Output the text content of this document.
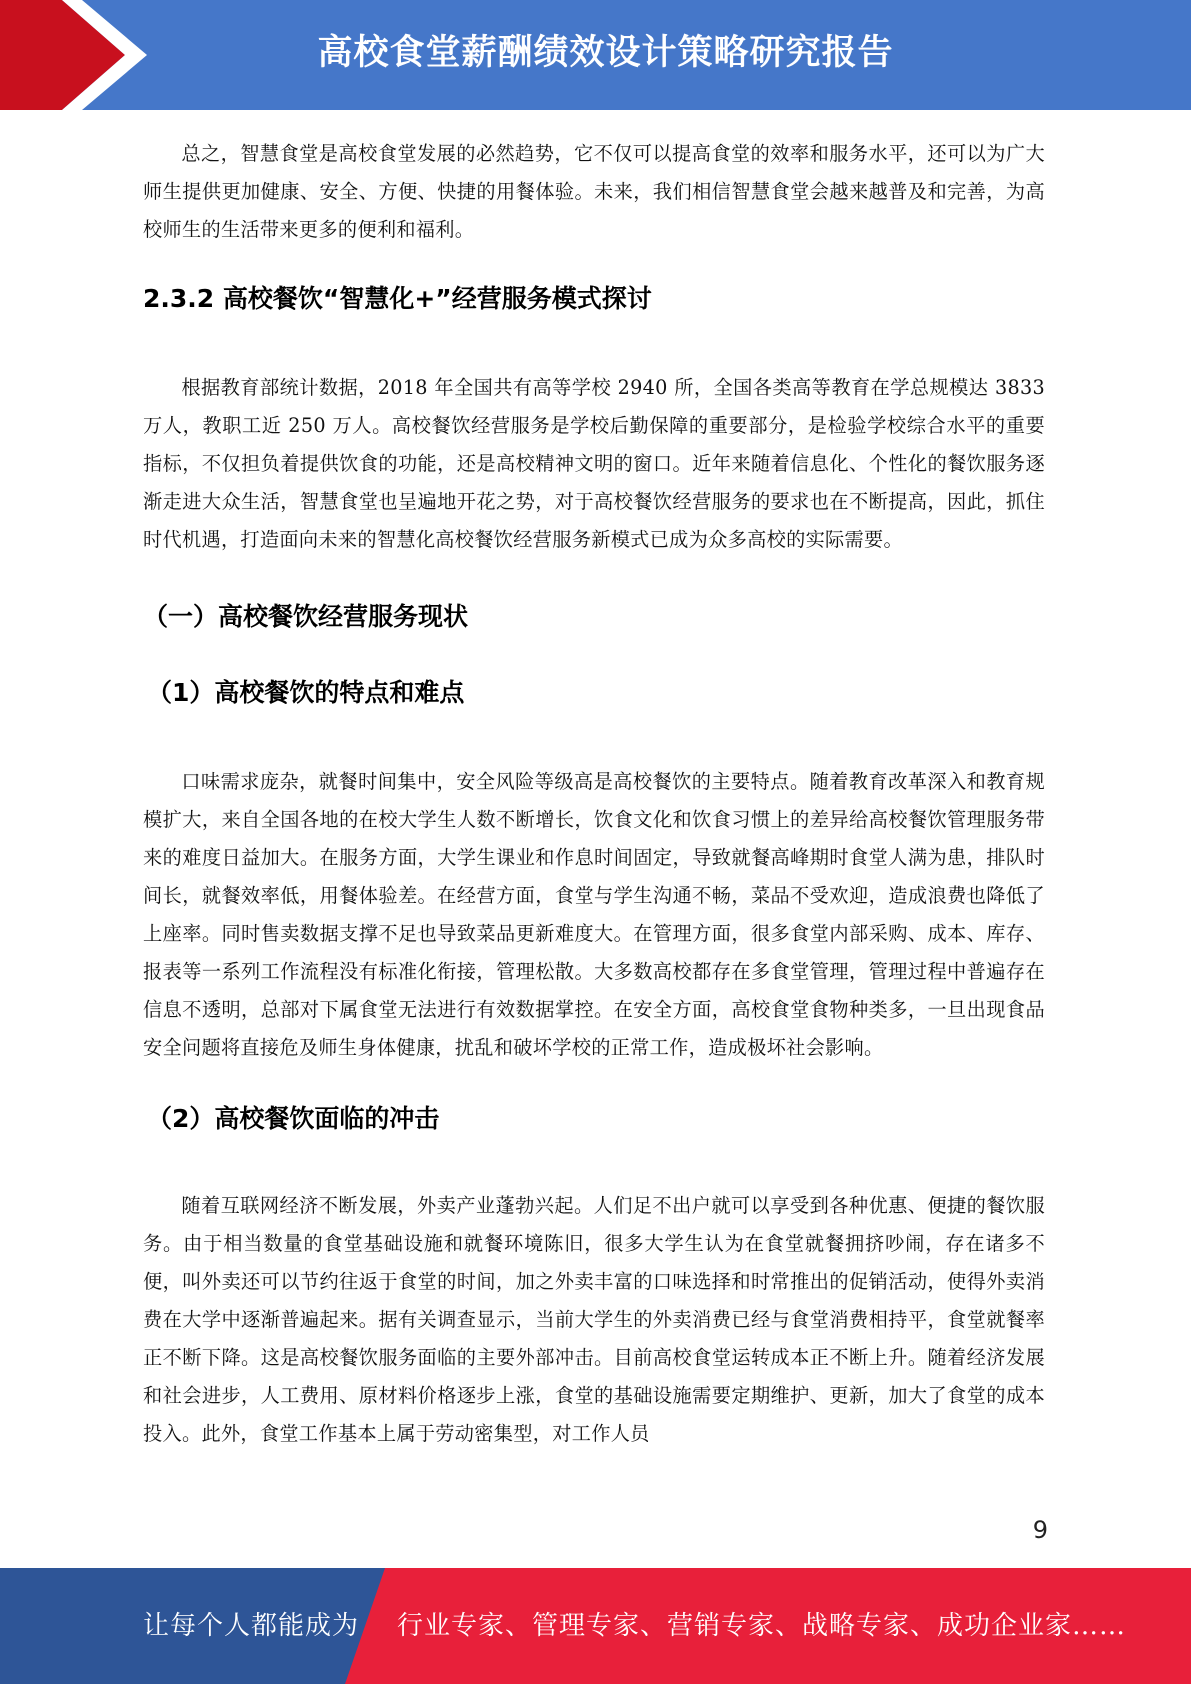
高校食堂薪酬绩效设计策略研究报告

总之，智慧食堂是高校食堂发展的必然趋势，它不仅可以提高食堂的效率和服务水平，还可以为广大师生提供更加健康、安全、方便、快捷的用餐体验。未来，我们相信智慧食堂会越来越普及和完善，为高校师生的生活带来更多的便利和福利。

2.3.2 高校餐饮“智慧化+”经营服务模式探讨

根据教育部统计数据，2018 年全国共有高等学校 2940 所，全国各类高等教育在学总规模达 3833 万人，教职工近 250 万人。高校餐饮经营服务是学校后勤保障的重要部分，是检验学校综合水平的重要指标，不仅担负着提供饮食的功能，还是高校精神文明的窗口。近年来随着信息化、个性化的餐饮服务逐渐走进大众生活，智慧食堂也呈遍地开花之势，对于高校餐饮经营服务的要求也在不断提高，因此，抓住时代机遇，打造面向未来的智慧化高校餐饮经营服务新模式已成为众多高校的实际需要。

（一）高校餐饮经营服务现状
（1）高校餐饮的特点和难点

口味需求庞杂，就餐时间集中，安全风险等级高是高校餐饮的主要特点。随着教育改革深入和教育规模扩大，来自全国各地的在校大学生人数不断增长，饮食文化和饮食习惯上的差异给高校餐饮管理服务带来的难度日益加大。在服务方面，大学生课业和作息时间固定，导致就餐高峰期时食堂人满为患，排队时间长，就餐效率低，用餐体验差。在经营方面，食堂与学生沟通不畅，菜品不受欢迎，造成浪费也降低了上座率。同时售卖数据支撑不足也导致菜品更新难度大。在管理方面，很多食堂内部采购、成本、库存、报表等一系列工作流程没有标准化衔接，管理松散。大多数高校都存在多食堂管理，管理过程中普遍存在信息不透明，总部对下属食堂无法进行有效数据掌控。在安全方面，高校食堂食物种类多，一旦出现食品安全问题将直接危及师生身体健康，扰乱和破坏学校的正常工作，造成极坏社会影响。

（2）高校餐饮面临的冲击

随着互联网经济不断发展，外卖产业蓬勃兴起。人们足不出户就可以享受到各种优惠、便捷的餐饮服务。由于相当数量的食堂基础设施和就餐环境陈旧，很多大学生认为在食堂就餐拥挤吵闹，存在诸多不便，叫外卖还可以节约往返于食堂的时间，加之外卖丰富的口味选择和时常推出的促销活动，使得外卖消费在大学中逐渐普遍起来。据有关调查显示，当前大学生的外卖消费已经与食堂消费相持平，食堂就餐率正不断下降。这是高校餐饮服务面临的主要外部冲击。目前高校食堂运转成本正不断上升。随着经济发展和社会进步，人工费用、原材料价格逐步上涨，食堂的基础设施需要定期维护、更新，加大了食堂的成本投入。此外，食堂工作基本上属于劳动密集型，对工作人员

9
让每个人都能成为 行业专家、管理专家、营销专家、战略专家、成功企业家……
